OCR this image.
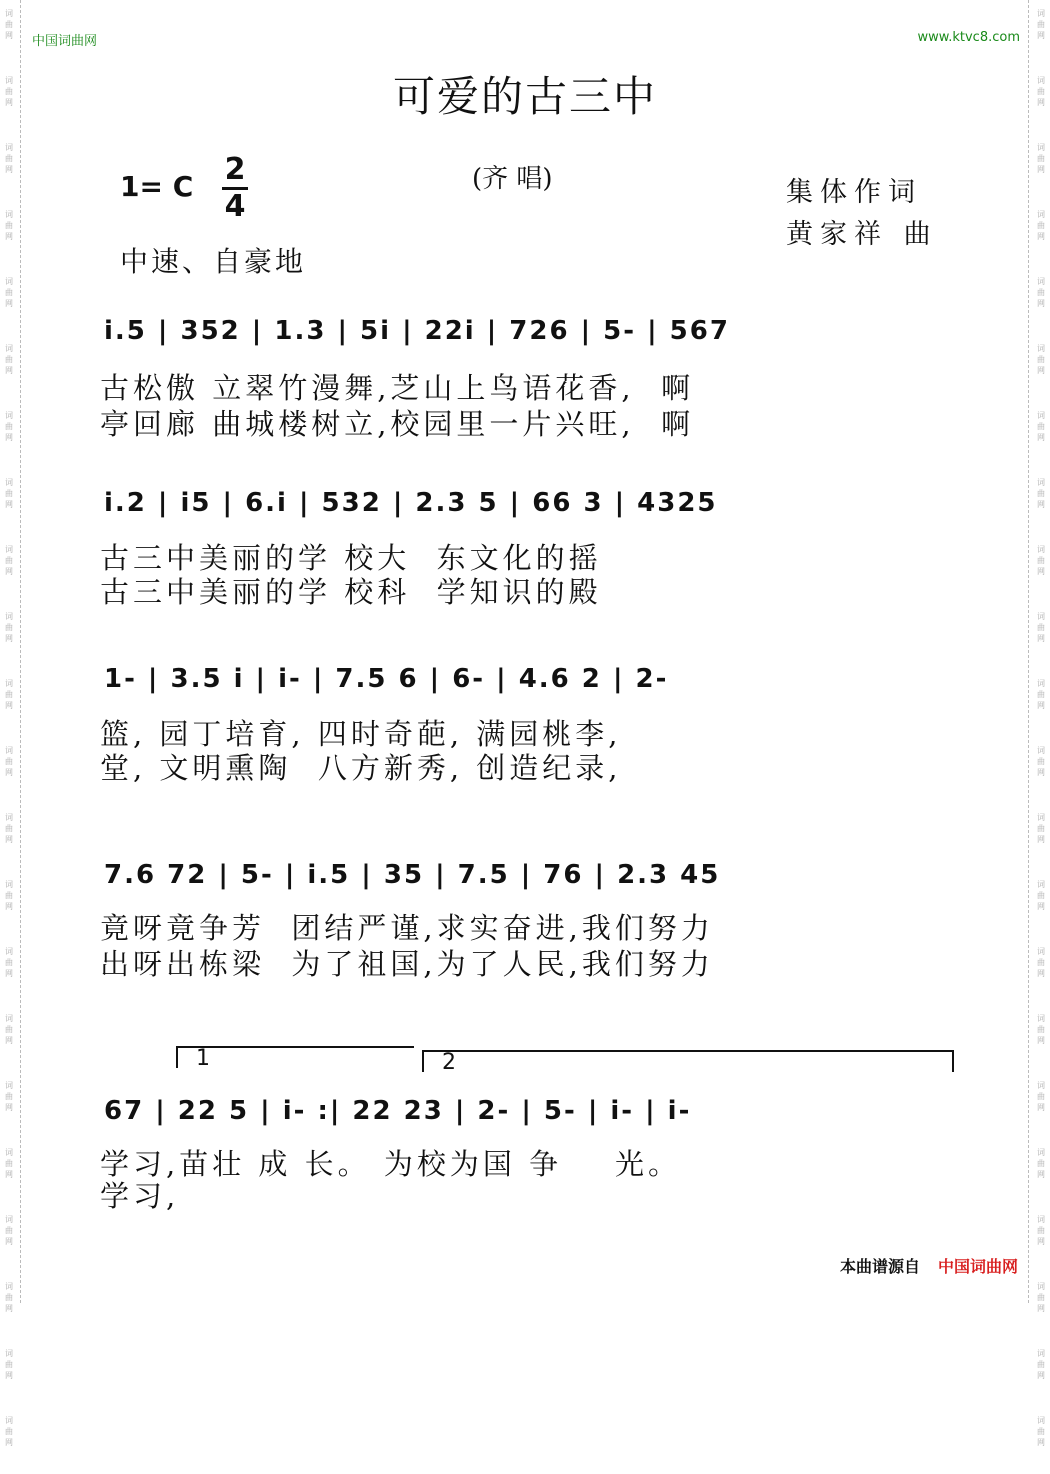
词
曲
网
词
曲
网
词
曲
网
词
曲
网
词
曲
网
词
曲
网
词
曲
网
词
曲
网
词
曲
网
词
曲
网
词
曲
网
词
曲
网
词
曲
网
词
曲
网
词
曲
网
词
曲
网
词
曲
网
词
曲
网
词
曲
网
词
曲
网
词
曲
网
词
曲
网
词
曲
网
词
曲
网
词
曲
网
词
曲
网
词
曲
网
词
曲
网
词
曲
网
词
曲
网
词
曲
网
词
曲
网
词
曲
网
词
曲
网
词
曲
网
词
曲
网
词
曲
网
词
曲
网
词
曲
网
词
曲
网
词
曲
网
词
曲
网
词
曲
网
词
曲
网
中国词曲网	www.ktvc8.com
可爱的古三中
1= C 2
4
(齐 唱)	集体作词
黄家祥 曲
中速、自豪地
i.5 | 352 | 1.3 | 5i | 22i | 726 | 5- | 567
古松傲 立翠竹漫舞,芝山上鸟语花香,  啊
亭回廊 曲城楼树立,校园里一片兴旺,  啊
i.2 | i5 | 6.i | 532 | 2.3 5 | 66 3 | 4325
古三中美丽的学 校大  东文化的摇
古三中美丽的学 校科  学知识的殿
1- | 3.5 i | i- | 7.5 6 | 6- | 4.6 2 | 2-
篮, 园丁培育, 四时奇葩, 满园桃李,
堂, 文明熏陶  八方新秀, 创造纪录,
7.6 72 | 5- | i.5 | 35 | 7.5 | 76 | 2.3 45
竟呀竟争芳  团结严谨,求实奋进,我们努力
出呀出栋梁  为了祖国,为了人民,我们努力
1	2
67 | 22 5 | i- :| 22 23 | 2- | 5- | i- | i-
学习,苗壮 成 长。 为校为国 争    光。
学习,
本曲谱源自 中国词曲网
